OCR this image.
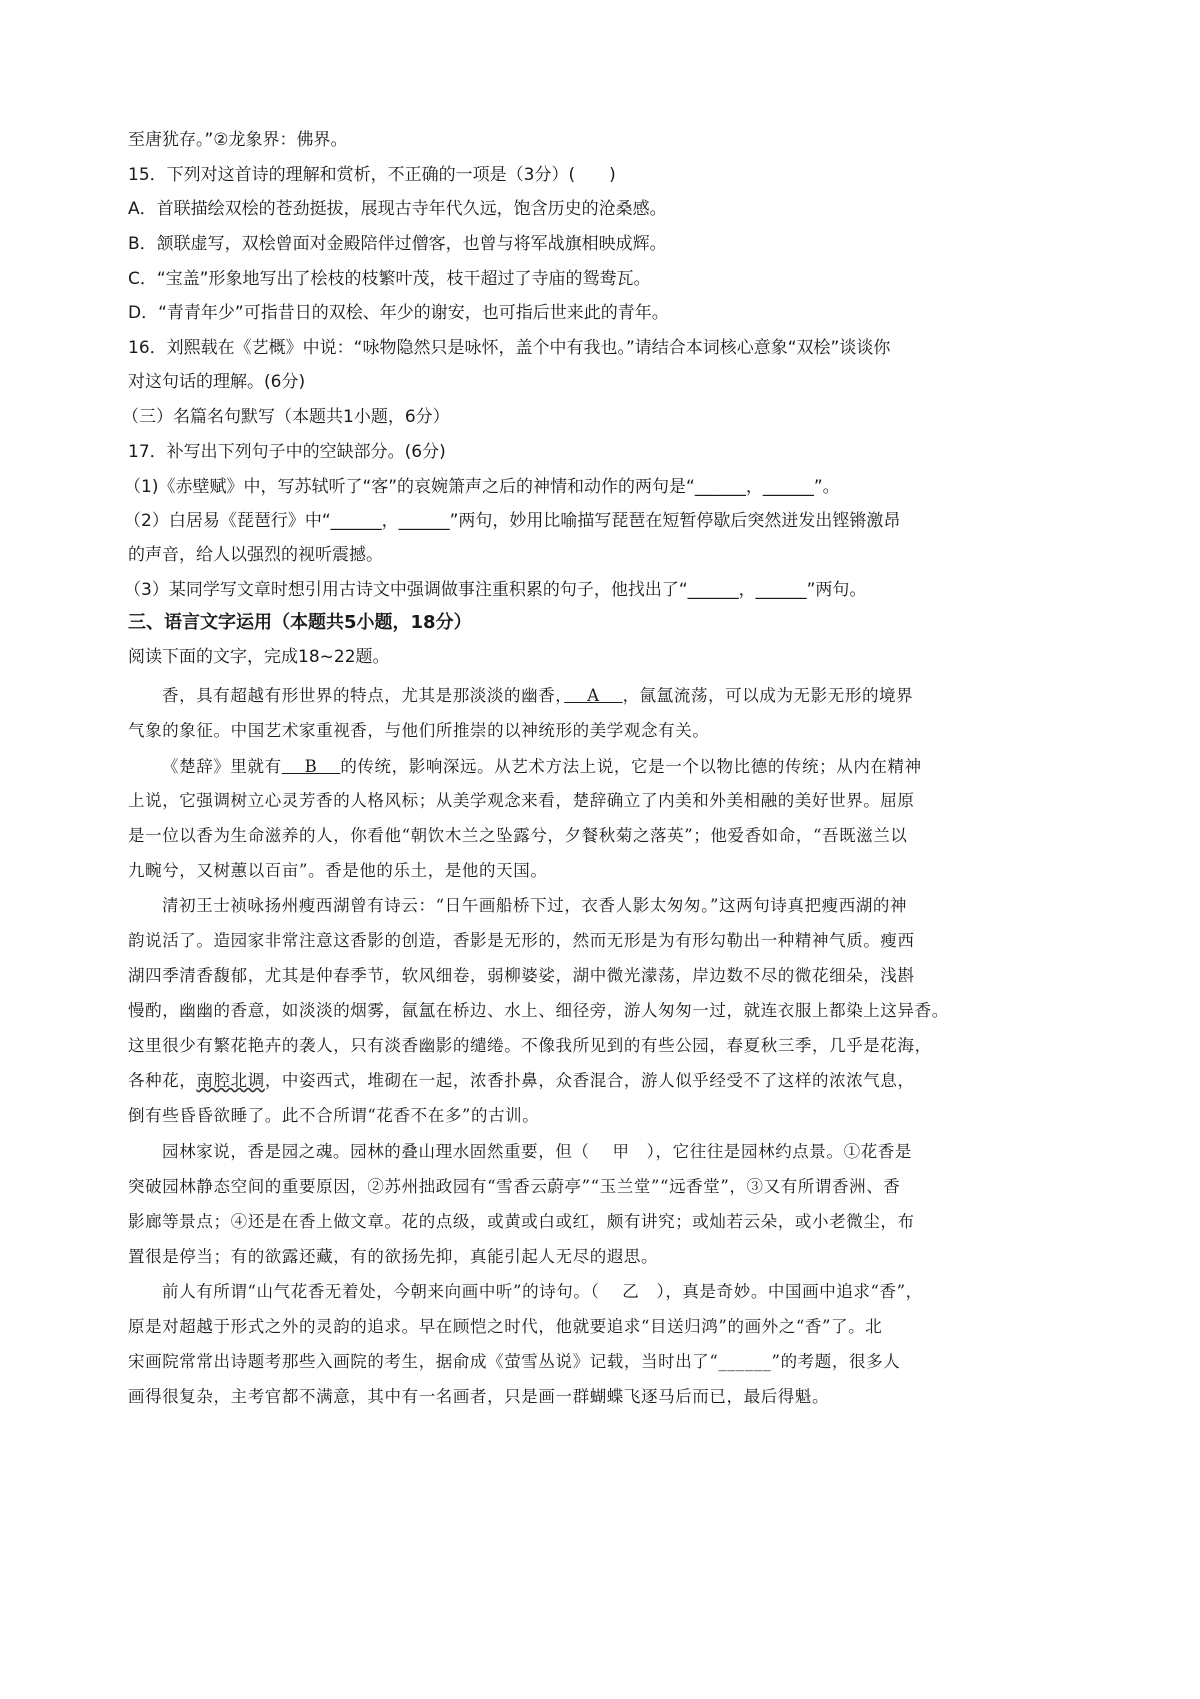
至唐犹存。”②龙象界：佛界。
15．下列对这首诗的理解和赏析，不正确的一项是（3分）(　　)
A．首联描绘双桧的苍劲挺拔，展现古寺年代久远，饱含历史的沧桑感。
B．颔联虚写，双桧曾面对金殿陪伴过僧客，也曾与将军战旗相映成辉。
C．“宝盖”形象地写出了桧枝的枝繁叶茂，枝干超过了寺庙的鸳鸯瓦。
D．“青青年少”可指昔日的双桧、年少的谢安，也可指后世来此的青年。
16．刘熙载在《艺概》中说：“咏物隐然只是咏怀，盖个中有我也。”请结合本词核心意象“双桧”谈谈你
对这句话的理解。(6分)
（三）名篇名句默写（本题共1小题，6分）
17．补写出下列句子中的空缺部分。(6分)
（1)《赤壁赋》中，写苏轼听了“客”的哀婉箫声之后的神情和动作的两句是“______，______”。
（2）白居易《琵琶行》中“______，______”两句，妙用比喻描写琵琶在短暂停歇后突然迸发出铿锵激昂
的声音，给人以强烈的视听震撼。
（3）某同学写文章时想引用古诗文中强调做事注重积累的句子，他找出了“______，______”两句。
三、语言文字运用（本题共5小题，18分）
阅读下面的文字，完成18~22题。
香，具有超越有形世界的特点，尤其是那淡淡的幽香，　 A　 ，氤氲流荡，可以成为无影无形的境界
气象的象征。中国艺术家重视香，与他们所推崇的以神统形的美学观念有关。
《楚辞》里就有　 B　 的传统，影响深远。从艺术方法上说，它是一个以物比德的传统；从内在精神
上说，它强调树立心灵芳香的人格风标；从美学观念来看，楚辞确立了内美和外美相融的美好世界。屈原
是一位以香为生命滋养的人，你看他“朝饮木兰之坠露兮，夕餐秋菊之落英”；他爱香如命，“吾既滋兰以
九畹兮，又树蕙以百亩”。香是他的乐土，是他的天国。
清初王士祯咏扬州瘦西湖曾有诗云：“日午画船桥下过，衣香人影太匆匆。”这两句诗真把瘦西湖的神
韵说活了。造园家非常注意这香影的创造，香影是无形的，然而无形是为有形勾勒出一种精神气质。瘦西
湖四季清香馥郁，尤其是仲春季节，软风细卷，弱柳婆娑，湖中微光濛荡，岸边数不尽的微花细朵，浅斟
慢酌，幽幽的香意，如淡淡的烟雾，氤氲在桥边、水上、细径旁，游人匆匆一过，就连衣服上都染上这异香。
这里很少有繁花艳卉的袭人，只有淡香幽影的缱绻。不像我所见到的有些公园，春夏秋三季，几乎是花海，
各种花，南腔北调，中姿西式，堆砌在一起，浓香扑鼻，众香混合，游人似乎经受不了这样的浓浓气息，
倒有些昏昏欲睡了。此不合所谓“花香不在多”的古训。
园林家说，香是园之魂。园林的叠山理水固然重要，但（　 甲　），它往往是园林约点景。①花香是
突破园林静态空间的重要原因，②苏州拙政园有“雪香云蔚亭”“玉兰堂”“远香堂”，③又有所谓香洲、香
影廊等景点；④还是在香上做文章。花的点级，或黄或白或红，颇有讲究；或灿若云朵，或小老微尘，布
置很是停当；有的欲露还藏，有的欲扬先抑，真能引起人无尽的遐思。
前人有所谓“山气花香无着处，今朝来向画中听”的诗句。（　 乙　），真是奇妙。中国画中追求“香”，
原是对超越于形式之外的灵韵的追求。早在顾恺之时代，他就要追求“目送归鸿”的画外之“香”了。北
宋画院常常出诗题考那些入画院的考生，据俞成《萤雪丛说》记载，当时出了“______”的考题，很多人
画得很复杂，主考官都不满意，其中有一名画者，只是画一群蝴蝶飞逐马后而已，最后得魁。
